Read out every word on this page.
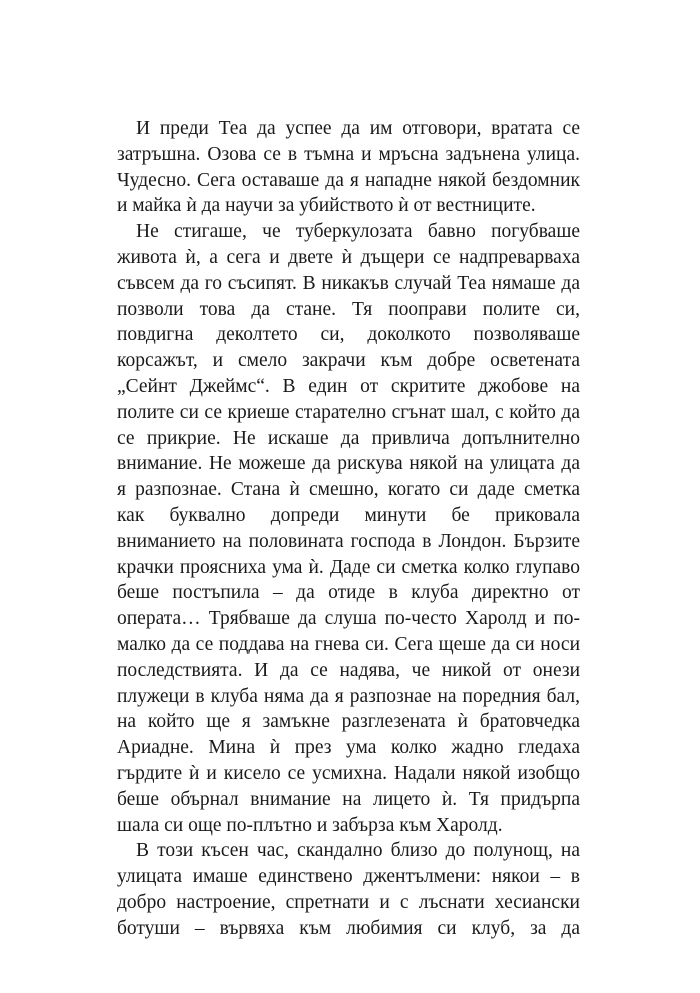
И преди Теа да успее да им отговори, вратата се
затръшна. Озова се в тъмна и мръсна задънена улица.
Чудесно. Сега оставаше да я нападне някой бездомник
и майка ѝ да научи за убийството ѝ от вестниците.
Не стигаше, че туберкулозата бавно погубваше
живота ѝ, а сега и двете ѝ дъщери се надпреварваха
съвсем да го съсипят. В никакъв случай Теа нямаше да
позволи това да стане. Тя пооправи полите си,
повдигна деколтето си, доколкото позволяваше
корсажът, и смело закрачи към добре осветената
„Сейнт Джеймс“. В един от скритите джобове на
полите си се криеше старателно сгънат шал, с който да
се прикрие. Не искаше да привлича допълнително
внимание. Не можеше да рискува някой на улицата да
я разпознае. Стана ѝ смешно, когато си даде сметка
как буквално допреди минути бе приковала
вниманието на половината господа в Лондон. Бързите
крачки проясниха ума ѝ. Даде си сметка колко глупаво
беше постъпила – да отиде в клуба директно от
операта… Трябваше да слуша по-често Харолд и по-
малко да се поддава на гнева си. Сега щеше да си носи
последствията. И да се надява, че никой от онези
плужеци в клуба няма да я разпознае на поредния бал,
на който ще я замъкне разглезената ѝ братовчедка
Ариадне. Мина ѝ през ума колко жадно гледаха
гърдите ѝ и кисело се усмихна. Надали някой изобщо
беше обърнал внимание на лицето ѝ. Тя придърпа
шала си още по-плътно и забърза към Харолд.
В този късен час, скандално близо до полунощ, на
улицата имаше единствено джентълмени: някои – в
добро настроение, спретнати и с лъснати хесиански
ботуши – вървяха към любимия си клуб, за да
